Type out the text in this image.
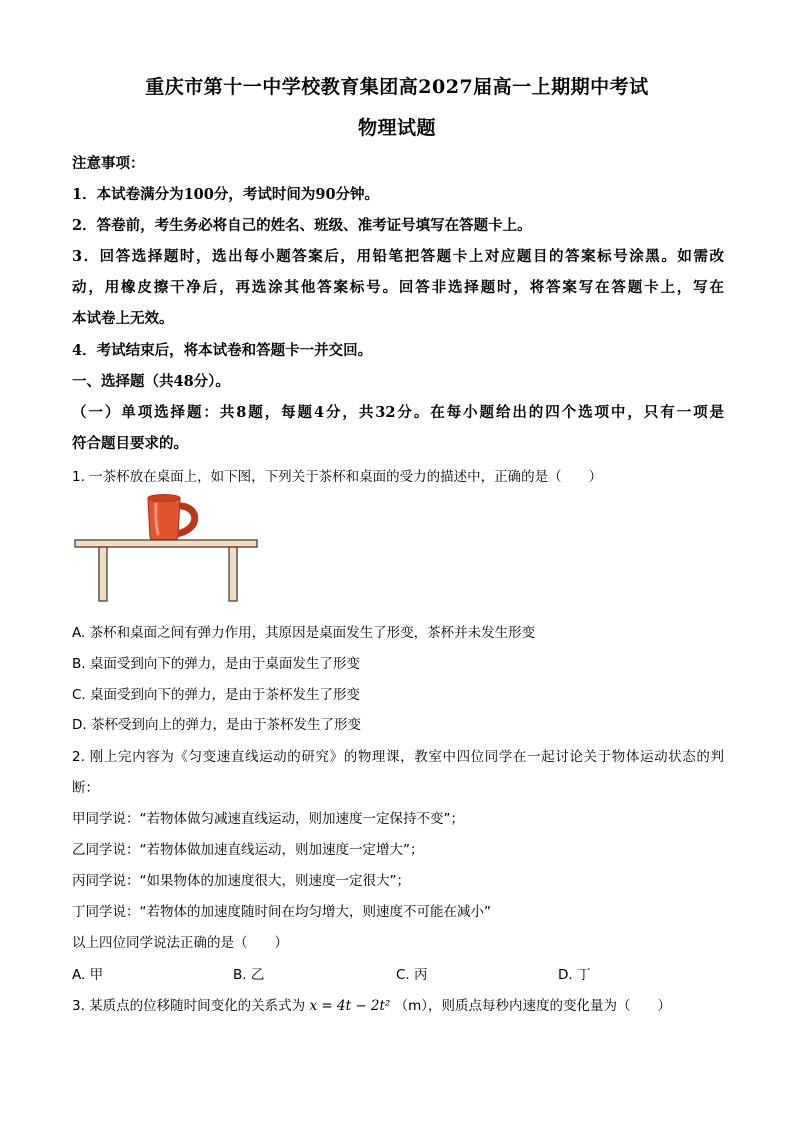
重庆市第十一中学校教育集团高2027届高一上期期中考试
物理试题
注意事项：
1．本试卷满分为100分，考试时间为90分钟。
2．答卷前，考生务必将自己的姓名、班级、准考证号填写在答题卡上。
3．回答选择题时，选出每小题答案后，用铅笔把答题卡上对应题目的答案标号涂黑。如需改
动，用橡皮擦干净后，再选涂其他答案标号。回答非选择题时，将答案写在答题卡上，写在
本试卷上无效。
4．考试结束后，将本试卷和答题卡一并交回。
一、选择题（共48分）。
（一）单项选择题：共8题，每题4分，共32分。在每小题给出的四个选项中，只有一项是
符合题目要求的。
1. 一茶杯放在桌面上，如下图，下列关于茶杯和桌面的受力的描述中，正确的是（　　）
A. 茶杯和桌面之间有弹力作用，其原因是桌面发生了形变，茶杯并未发生形变
B. 桌面受到向下的弹力，是由于桌面发生了形变
C. 桌面受到向下的弹力，是由于茶杯发生了形变
D. 茶杯受到向上的弹力，是由于茶杯发生了形变
2. 刚上完内容为《匀变速直线运动的研究》的物理课，教室中四位同学在一起讨论关于物体运动状态的判
断：
甲同学说：“若物体做匀减速直线运动，则加速度一定保持不变”；
乙同学说：“若物体做加速直线运动，则加速度一定增大”；
丙同学说：“如果物体的加速度很大，则速度一定很大”；
丁同学说：“若物体的加速度随时间在均匀增大，则速度不可能在减小”
以上四位同学说法正确的是（　　）
A. 甲	B. 乙	C. 丙	D. 丁
3. 某质点的位移随时间变化的关系式为 x = 4t − 2t² （m），则质点每秒内速度的变化量为（　　）
